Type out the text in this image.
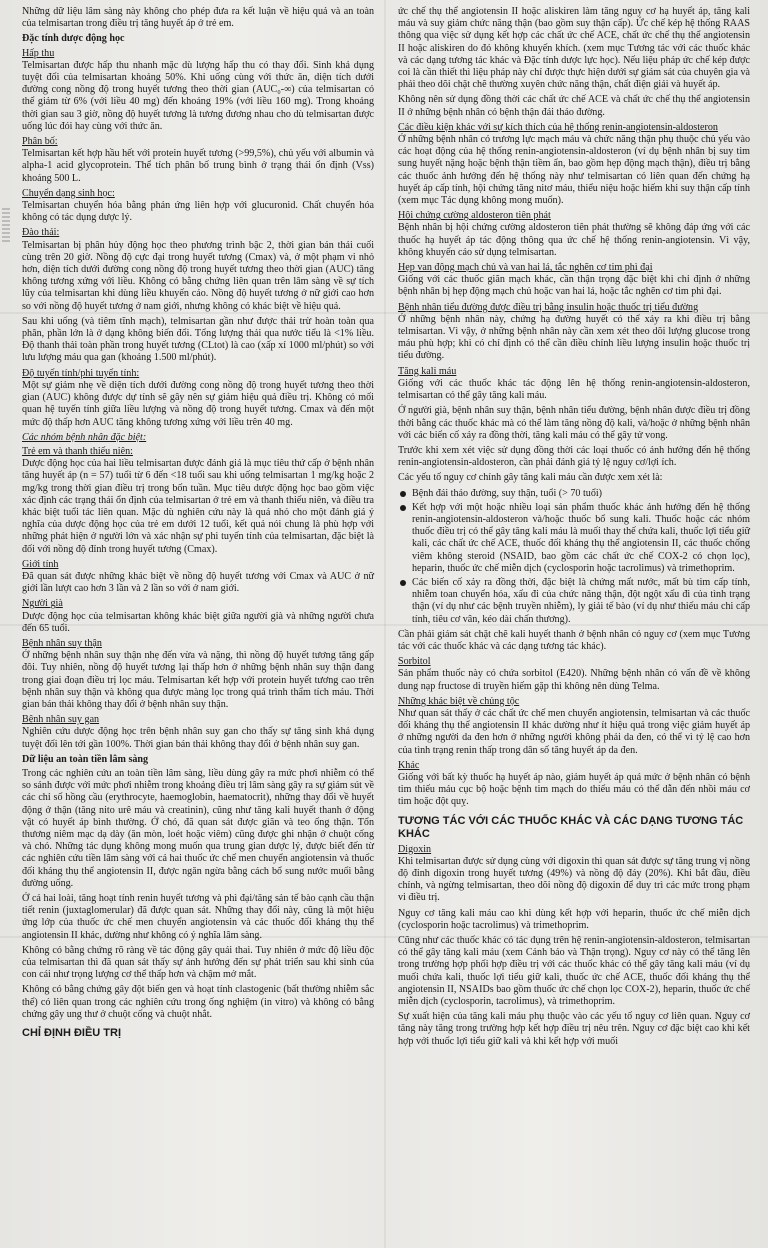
Những dữ liệu lâm sàng này không cho phép đưa ra kết luận về hiệu quả và an toàn của telmisartan trong điều trị tăng huyết áp ở trẻ em.

Đặc tính dược động học
Hấp thu

Telmisartan được hấp thu nhanh mặc dù lượng hấp thu có thay đổi. Sinh khả dụng tuyệt đối của telmisartan khoảng 50%. Khi uống cùng với thức ăn, diện tích dưới đường cong nồng độ trong huyết tương theo thời gian (AUC₀-∞) của telmisartan có thể giảm từ 6% (với liều 40 mg) đến khoảng 19% (với liều 160 mg). Trong khoảng thời gian sau 3 giờ, nồng độ huyết tương là tương đương nhau cho dù telmisartan được uống lúc đói hay cùng với thức ăn.

Phân bố:

Telmisartan kết hợp hầu hết với protein huyết tương (>99,5%), chủ yếu với albumin và alpha-1 acid glycoprotein. Thể tích phân bố trung bình ở trạng thái ổn định (Vss) khoảng 500 L.

Chuyển dạng sinh học:

Telmisartan chuyển hóa bằng phản ứng liên hợp với glucuronid. Chất chuyển hóa không có tác dụng dược lý.

Đào thải:

Telmisartan bị phân hủy động học theo phương trình bậc 2, thời gian bán thải cuối cùng trên 20 giờ. Nồng độ cực đại trong huyết tương (Cmax) và, ở một phạm vi nhỏ hơn, diện tích dưới đường cong nồng độ trong huyết tương theo thời gian (AUC) tăng không tương xứng với liều. Không có bằng chứng liên quan trên lâm sàng về sự tích lũy của telmisartan khi dùng liều khuyến cáo. Nồng độ huyết tương ở nữ giới cao hơn so với nồng độ huyết tương ở nam giới, nhưng không có khác biệt về hiệu quả.

Sau khi uống (và tiêm tĩnh mạch), telmisartan gần như được thải trừ hoàn toàn qua phân, phần lớn là ở dạng không biến đổi. Tổng lượng thải qua nước tiểu là <1% liều. Độ thanh thải toàn phần trong huyết tương (CLtot) là cao (xấp xỉ 1000 ml/phút) so với lưu lượng máu qua gan (khoảng 1.500 ml/phút).

Độ tuyến tính/phi tuyến tính:

Một sự giảm nhẹ về diện tích dưới đường cong nồng độ trong huyết tương theo thời gian (AUC) không được dự tính sẽ gây nên sự giảm hiệu quả điều trị. Không có mối quan hệ tuyến tính giữa liều lượng và nồng độ trong huyết tương. Cmax và đến một mức độ thấp hơn AUC tăng không tương xứng với liều trên 40 mg.

Các nhóm bệnh nhân đặc biệt:
Trẻ em và thanh thiếu niên:

Dược động học của hai liều telmisartan được đánh giá là mục tiêu thứ cấp ở bệnh nhân tăng huyết áp (n = 57) tuổi từ 6 đến <18 tuổi sau khi uống telmisartan 1 mg/kg hoặc 2 mg/kg trong thời gian điều trị trong bốn tuần. Mục tiêu dược động học bao gồm việc xác định các trạng thái ổn định của telmisartan ở trẻ em và thanh thiếu niên, và điều tra khác biệt tuổi tác liên quan. Mặc dù nghiên cứu này là quá nhỏ cho một đánh giá ý nghĩa của dược động học của trẻ em dưới 12 tuổi, kết quả nói chung là phù hợp với những phát hiện ở người lớn và xác nhận sự phi tuyến tính của telmisartan, đặc biệt là đối với nồng độ đỉnh trong huyết tương (Cmax).

Giới tính

Đã quan sát được những khác biệt về nồng độ huyết tương với Cmax và AUC ở nữ giới lần lượt cao hơn 3 lần và 2 lần so với ở nam giới.

Người già

Dược động học của telmisartan không khác biệt giữa người già và những người chưa đến 65 tuổi.

Bệnh nhân suy thận

Ở những bệnh nhân suy thận nhẹ đến vừa và nặng, thì nồng độ huyết tương tăng gấp đôi. Tuy nhiên, nồng độ huyết tương lại thấp hơn ở những bệnh nhân suy thận đang trong giai đoạn điều trị lọc máu. Telmisartan kết hợp với protein huyết tương cao trên bệnh nhân suy thận và không qua được màng lọc trong quá trình thẩm tích máu. Thời gian bán thải không thay đổi ở bệnh nhân suy thận.

Bệnh nhân suy gan

Nghiên cứu dược động học trên bệnh nhân suy gan cho thấy sự tăng sinh khả dụng tuyệt đối lên tới gần 100%. Thời gian bán thải không thay đổi ở bệnh nhân suy gan.

Dữ liệu an toàn tiền lâm sàng

Trong các nghiên cứu an toàn tiền lâm sàng, liều dùng gây ra mức phơi nhiễm có thể so sánh được với mức phơi nhiễm trong khoảng điều trị lâm sàng gây ra sự giảm sút về các chỉ số hồng cầu (erythrocyte, haemoglobin, haematocrit), những thay đổi về huyết động ở thận (tăng nito urê máu và creatinin), cũng như tăng kali huyết thanh ở động vật có huyết áp bình thường. Ở chó, đã quan sát được giãn và teo ống thận. Tổn thương niêm mạc dạ dày (ăn mòn, loét hoặc viêm) cũng được ghi nhận ở chuột cống và chó. Những tác dụng không mong muốn qua trung gian dược lý, được biết đến từ các nghiên cứu tiền lâm sàng với cả hai thuốc ức chế men chuyển angiotensin và thuốc đối kháng thụ thể angiotensin II, được ngăn ngừa bằng cách bổ sung nước muối bằng đường uống.

Ở cả hai loài, tăng hoạt tính renin huyết tương và phì đại/tăng sản tế bào cạnh cầu thận tiết renin (juxtaglomerular) đã được quan sát. Những thay đổi này, cũng là một hiệu ứng lớp của thuốc ức chế men chuyển angiotensin và các thuốc đối kháng thụ thể angiotensin II khác, dường như không có ý nghĩa lâm sàng.

Không có bằng chứng rõ ràng về tác động gây quái thai. Tuy nhiên ở mức độ liều độc của telmisartan thì đã quan sát thấy sự ảnh hưởng đến sự phát triển sau khi sinh của con cái như trọng lượng cơ thể thấp hơn và chậm mở mắt.

Không có bằng chứng gây đột biến gen và hoạt tính clastogenic (bất thường nhiễm sắc thể) có liên quan trong các nghiên cứu trong ống nghiệm (in vitro) và không có bằng chứng gây ung thư ở chuột cống và chuột nhắt.

CHỈ ĐỊNH ĐIỀU TRỊ

ức chế thụ thể angiotensin II hoặc aliskiren làm tăng nguy cơ hạ huyết áp, tăng kali máu và suy giảm chức năng thận (bao gồm suy thận cấp). Ức chế kép hệ thống RAAS thông qua việc sử dụng kết hợp các chất ức chế ACE, chất ức chế thụ thể angiotensin II hoặc aliskiren do đó không khuyến khích. (xem mục Tương tác với các thuốc khác và các dạng tương tác khác và Đặc tính dược lực học). Nếu liệu pháp ức chế kép được coi là cần thiết thì liệu pháp này chỉ được thực hiện dưới sự giám sát của chuyên gia và phải theo dõi chặt chẽ thường xuyên chức năng thận, chất điện giải và huyết áp.

Không nên sử dụng đồng thời các chất ức chế ACE và chất ức chế thụ thể angiotensin II ở những bệnh nhân có bệnh thận đái tháo đường.

Các điều kiện khác với sự kích thích của hệ thống renin-angiotensin-aldosteron

Ở những bệnh nhân có trương lực mạch máu và chức năng thận phụ thuộc chủ yếu vào các hoạt động của hệ thống renin-angiotensin-aldosteron (ví dụ bệnh nhân bị suy tim sung huyết nặng hoặc bệnh thận tiềm ẩn, bao gồm hẹp động mạch thận), điều trị bằng các thuốc ảnh hưởng đến hệ thống này như telmisartan có liên quan đến chứng hạ huyết áp cấp tính, hội chứng tăng nitơ máu, thiểu niệu hoặc hiếm khi suy thận cấp tính (xem mục Tác dụng không mong muốn).

Hội chứng cường aldosteron tiên phát

Bệnh nhân bị hội chứng cường aldosteron tiên phát thường sẽ không đáp ứng với các thuốc hạ huyết áp tác động thông qua ức chế hệ thống renin-angiotensin. Vì vậy, không khuyến cáo sử dụng telmisartan.

Hẹp van động mạch chủ và van hai lá, tắc nghẽn cơ tim phì đại

Giống với các thuốc giãn mạch khác, cần thận trọng đặc biệt khi chỉ định ở những bệnh nhân bị hẹp động mạch chủ hoặc van hai lá, hoặc tắc nghẽn cơ tim phì đại.

Bệnh nhân tiểu đường được điều trị bằng insulin hoặc thuốc trị tiểu đường

Ở những bệnh nhân này, chứng hạ đường huyết có thể xảy ra khi điều trị bằng telmisartan. Vì vậy, ở những bệnh nhân này cần xem xét theo dõi lượng glucose trong máu phù hợp; khi có chỉ định có thể cần điều chỉnh liều lượng insulin hoặc thuốc trị tiểu đường.

Tăng kali máu

Giống với các thuốc khác tác động lên hệ thống renin-angiotensin-aldosteron, telmisartan có thể gây tăng kali máu.

Ở người già, bệnh nhân suy thận, bệnh nhân tiểu đường, bệnh nhân được điều trị đồng thời bằng các thuốc khác mà có thể làm tăng nồng độ kali, và/hoặc ở những bệnh nhân với các biến cố xảy ra đồng thời, tăng kali máu có thể gây tử vong.

Trước khi xem xét việc sử dụng đồng thời các loại thuốc có ảnh hưởng đến hệ thống renin-angiotensin-aldosteron, cần phải đánh giá tỷ lệ nguy cơ/lợi ích.

Các yếu tố nguy cơ chính gây tăng kali máu cần được xem xét là:

Bệnh đái tháo đường, suy thận, tuổi (> 70 tuổi)
Kết hợp với một hoặc nhiều loại sản phẩm thuốc khác ảnh hưởng đến hệ thống renin-angiotensin-aldosteron và/hoặc thuốc bổ sung kali. Thuốc hoặc các nhóm thuốc điều trị có thể gây tăng kali máu là muối thay thế chứa kali, thuốc lợi tiểu giữ kali, các chất ức chế ACE, thuốc đối kháng thụ thể angiotensin II, các thuốc chống viêm không steroid (NSAID, bao gồm các chất ức chế COX-2 có chọn lọc), heparin, thuốc ức chế miễn dịch (cyclosporin hoặc tacrolimus) và trimethoprim.
Các biến cố xảy ra đồng thời, đặc biệt là chứng mất nước, mất bù tim cấp tính, nhiễm toan chuyển hóa, xấu đi của chức năng thận, đột ngột xấu đi của tình trạng thận (ví dụ như các bệnh truyền nhiễm), ly giải tế bào (ví dụ như thiếu máu chi cấp tính, tiêu cơ vân, kéo dài chấn thương).

Cần phải giám sát chặt chẽ kali huyết thanh ở bệnh nhân có nguy cơ (xem mục Tương tác với các thuốc khác và các dạng tương tác khác).

Sorbitol

Sản phẩm thuốc này có chứa sorbitol (E420). Những bệnh nhân có vấn đề về không dung nạp fructose di truyền hiếm gặp thì không nên dùng Telma.

Những khác biệt về chủng tộc

Như quan sát thấy ở các chất ức chế men chuyển angiotensin, telmisartan và các thuốc đối kháng thụ thể angiotensin II khác dường như ít hiệu quả trong việc giảm huyết áp ở những người da đen hơn ở những người không phải da đen, có thể vì tỷ lệ cao hơn của tình trạng renin thấp trong dân số tăng huyết áp da đen.

Khác

Giống với bất kỳ thuốc hạ huyết áp nào, giảm huyết áp quá mức ở bệnh nhân có bệnh tim thiếu máu cục bộ hoặc bệnh tim mạch do thiếu máu có thể dẫn đến nhồi máu cơ tim hoặc đột quỵ.

TƯƠNG TÁC VỚI CÁC THUỐC KHÁC VÀ CÁC DẠNG TƯƠNG TÁC KHÁC
Digoxin

Khi telmisartan được sử dụng cùng với digoxin thì quan sát được sự tăng trung vị nồng độ đỉnh digoxin trong huyết tương (49%) và nồng độ đáy (20%). Khi bắt đầu, điều chỉnh, và ngừng telmisartan, theo dõi nồng độ digoxin để duy trì các mức trong phạm vi điều trị.

Nguy cơ tăng kali máu cao khi dùng kết hợp với heparin, thuốc ức chế miễn dịch (cyclosporin hoặc tacrolimus) và trimethoprim.

Cũng như các thuốc khác có tác dụng trên hệ renin-angiotensin-aldosteron, telmisartan có thể gây tăng kali máu (xem Cảnh báo và Thận trọng). Nguy cơ này có thể tăng lên trong trường hợp phối hợp điều trị với các thuốc khác có thể gây tăng kali máu (ví dụ muối chứa kali, thuốc lợi tiểu giữ kali, thuốc ức chế ACE, thuốc đối kháng thụ thể angiotensin II, NSAIDs bao gồm thuốc ức chế chọn lọc COX-2), heparin, thuốc ức chế miễn dịch (cyclosporin, tacrolimus), và trimethoprim.

Sự xuất hiện của tăng kali máu phụ thuộc vào các yếu tố nguy cơ liên quan. Nguy cơ tăng này tăng trong trường hợp kết hợp điều trị nêu trên. Nguy cơ đặc biệt cao khi kết hợp với thuốc lợi tiểu giữ kali và khi kết hợp với muối
